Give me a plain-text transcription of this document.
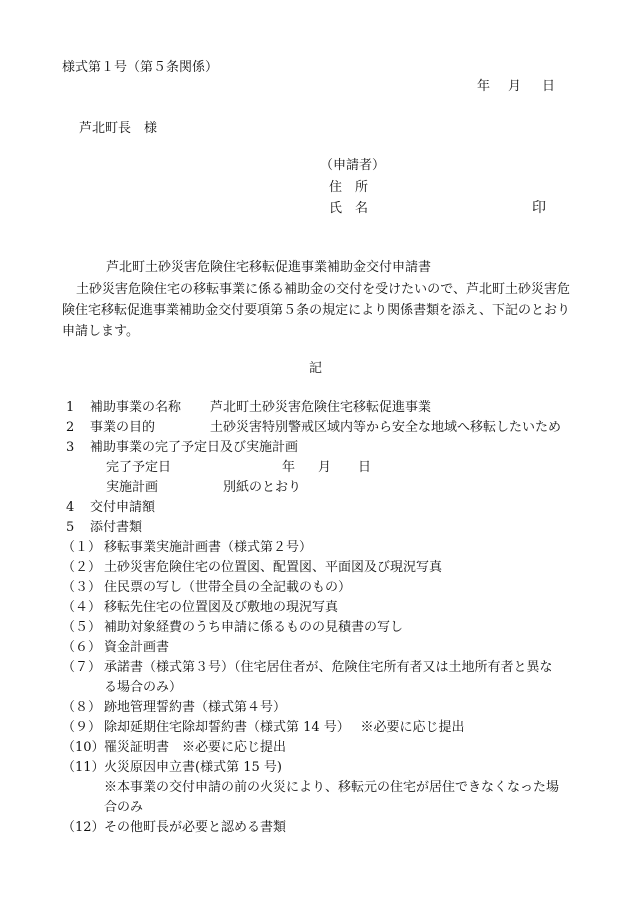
様式第１号（第５条関係）
年 月 日
芦北町長　様
（申請者）
住　所
氏　名	印
芦北町土砂災害危険住宅移転促進事業補助金交付申請書
土砂災害危険住宅の移転事業に係る補助金の交付を受けたいので、芦北町土砂災害危険住宅移転促進事業補助金交付要項第５条の規定により関係書類を添え、下記のとおり申請します。
記
1 補助事業の名称 芦北町土砂災害危険住宅移転促進事業
2 事業の目的	土砂災害特別警戒区域内等から安全な地域へ移転したいため
3 補助事業の完了予定日及び実施計画
完了予定日	年 月 日
実施計画	別紙のとおり
4 交付申請額
5 添付書類
（１） 移転事業実施計画書（様式第２号）
（２） 土砂災害危険住宅の位置図、配置図、平面図及び現況写真
（３） 住民票の写し（世帯全員の全記載のもの）
（４） 移転先住宅の位置図及び敷地の現況写真
（５） 補助対象経費のうち申請に係るものの見積書の写し
（６） 資金計画書
（７） 承諾書（様式第３号）（住宅居住者が、危険住宅所有者又は土地所有者と異な
る場合のみ）
（８） 跡地管理誓約書（様式第４号）
（９） 除却延期住宅除却誓約書（様式第 14 号）　 ※必要に応じ提出
（10） 罹災証明書　※必要に応じ提出
（11） 火災原因申立書(様式第 15 号)
※本事業の交付申請の前の火災により、移転元の住宅が居住できなくなった場
合のみ
（12） その他町長が必要と認める書類
